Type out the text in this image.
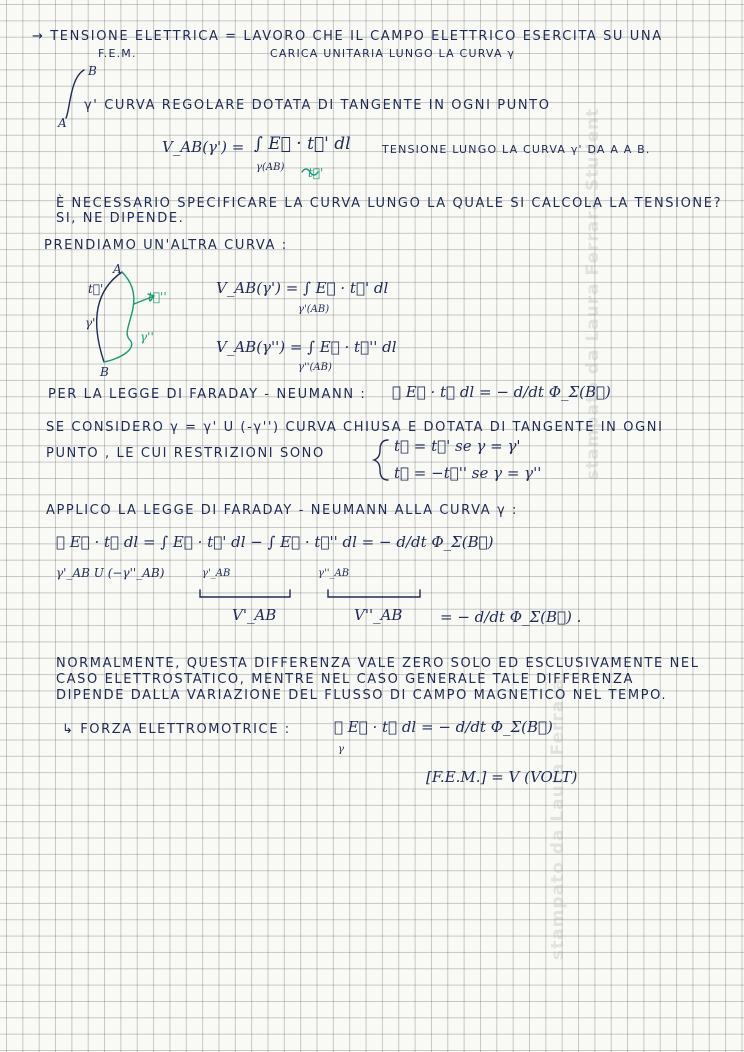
stampato da Laura Ferrara Student
stampato da Laura Ferrara
→ TENSIONE ELETTRICA = LAVORO CHE IL CAMPO ELETTRICO ESERCITA SU UNA
F.E.M.	CARICA UNITARIA LUNGO LA CURVA γ
B
A
γ' CURVA REGOLARE DOTATA DI TANGENTE IN OGNI PUNTO
V_AB(γ') = ∫ E⃗ · t⃗' dl
γ(AB) t⃗'
TENSIONE LUNGO LA CURVA γ' DA A A B.
È NECESSARIO SPECIFICARE LA CURVA LUNGO LA QUALE SI CALCOLA LA TENSIONE?
SI, NE DIPENDE.
PRENDIAMO UN'ALTRA CURVA :
A
B
t⃗'
γ'
t⃗''
γ''
V_AB(γ') = ∫ E⃗ · t⃗' dl
γ'(AB)
V_AB(γ'') = ∫ E⃗ · t⃗'' dl
γ''(AB)
PER LA LEGGE DI FARADAY - NEUMANN : ∮ E⃗ · t⃗ dl = − d/dt Φ_Σ(B⃗)
SE CONSIDERO γ = γ' U (-γ'') CURVA CHIUSA E DOTATA DI TANGENTE IN OGNI
PUNTO , LE CUI RESTRIZIONI SONO	t⃗ = t⃗' se γ = γ'
t⃗ = −t⃗'' se γ = γ''
APPLICO LA LEGGE DI FARADAY - NEUMANN ALLA CURVA γ :
∮ E⃗ · t⃗ dl = ∫ E⃗ · t⃗' dl − ∫ E⃗ · t⃗'' dl = − d/dt Φ_Σ(B⃗)
γ'_AB U (−γ''_AB)	γ'_AB	γ''_AB
V'_AB	V''_AB	= − d/dt Φ_Σ(B⃗) .
NORMALMENTE, QUESTA DIFFERENZA VALE ZERO SOLO ED ESCLUSIVAMENTE NEL
CASO ELETTROSTATICO, MENTRE NEL CASO GENERALE TALE DIFFERENZA
DIPENDE DALLA VARIAZIONE DEL FLUSSO DI CAMPO MAGNETICO NEL TEMPO.
↳ FORZA ELETTROMOTRICE :	∮ E⃗ · t⃗ dl = − d/dt Φ_Σ(B⃗)
γ
[F.E.M.] = V (VOLT)
